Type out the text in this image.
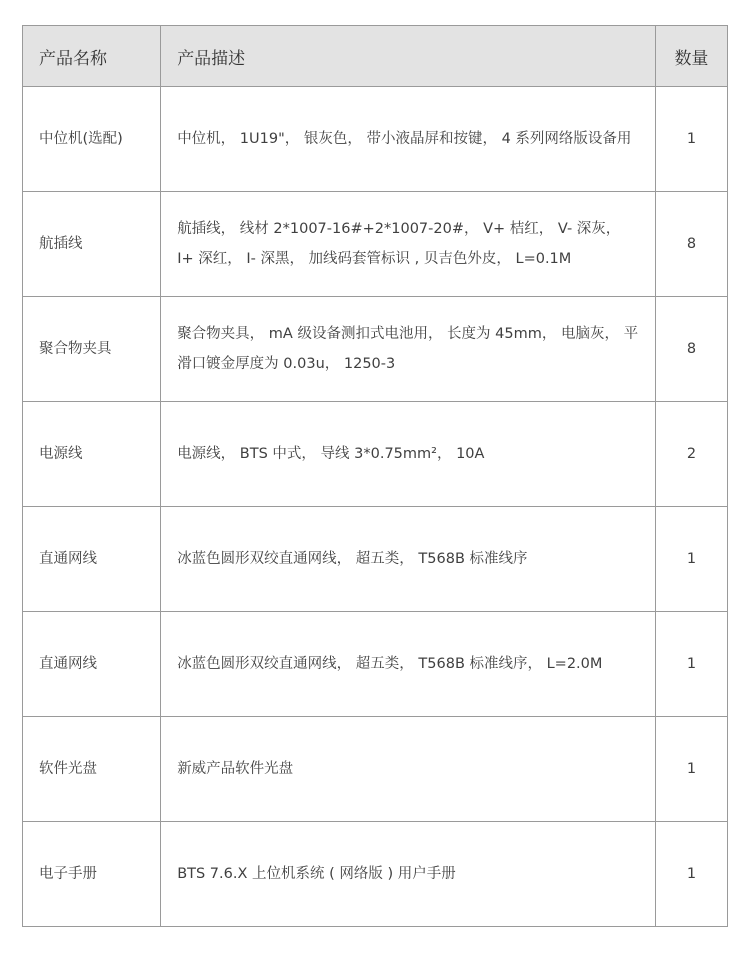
产品名称	产品描述	数量

中位机(选配)	中位机， 1U19"， 银灰色， 带小液晶屏和按键， 4 系列网络版设备用	1
航插线	航插线， 线材 2*1007-16#+2*1007-20#， V+ 桔红， V- 深灰， I+ 深红， I- 深黑， 加线码套管标识 , 贝吉色外皮， L=0.1M	8
聚合物夹具	聚合物夹具， mA 级设备测扣式电池用， 长度为 45mm， 电脑灰， 平滑口镀金厚度为 0.03u， 1250-3	8
电源线	电源线， BTS 中式， 导线 3*0.75mm²， 10A	2
直通网线	冰蓝色圆形双绞直通网线， 超五类， T568B 标准线序	1
直通网线	冰蓝色圆形双绞直通网线， 超五类， T568B 标准线序， L=2.0M	1
软件光盘	新威产品软件光盘	1
电子手册	BTS 7.6.X 上位机系统 ( 网络版 ) 用户手册	1
